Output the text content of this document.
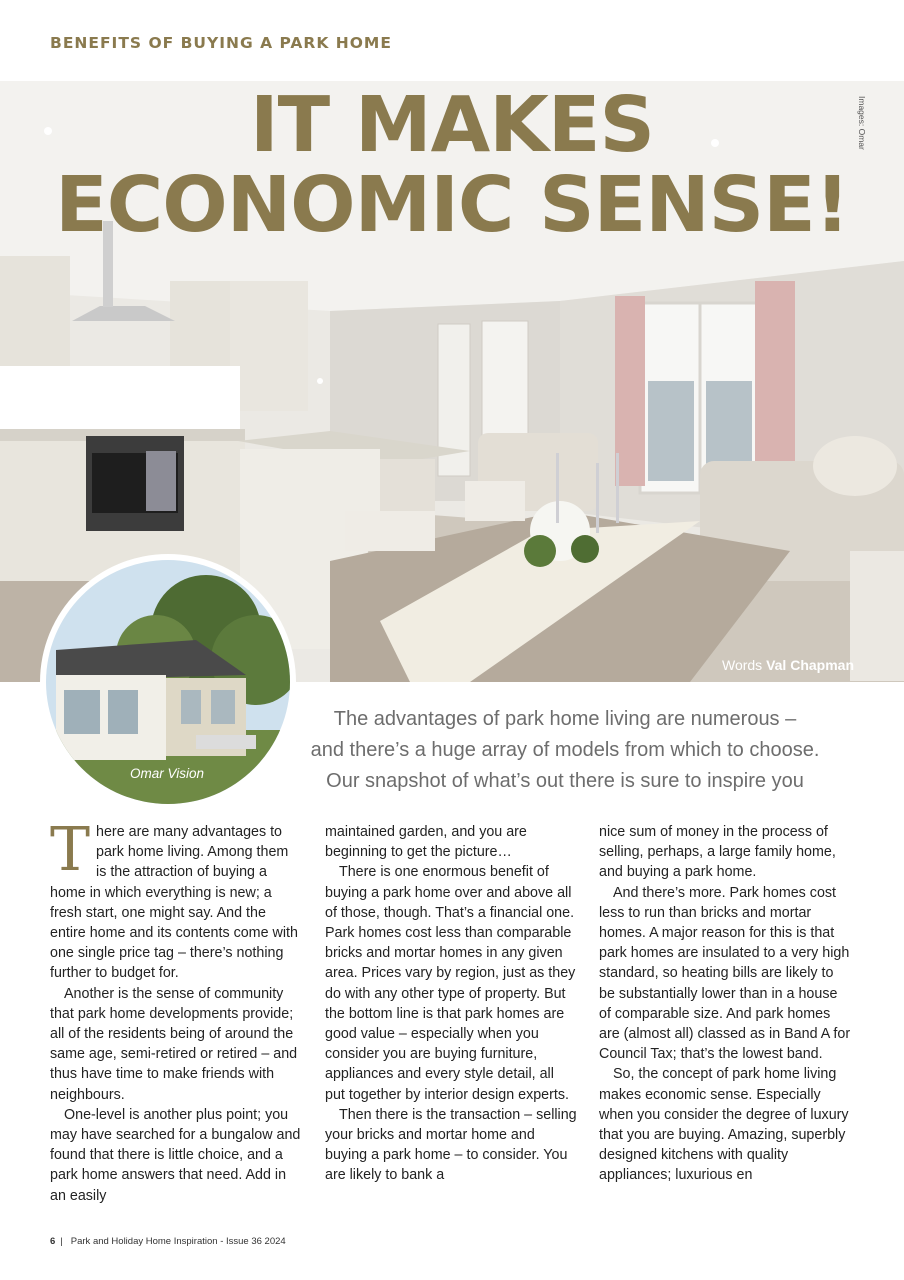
BENEFITS OF BUYING A PARK HOME
IT MAKES
ECONOMIC SENSE!
Images: Omar
Words Val Chapman
Omar Vision
The advantages of park home living are numerous –
and there’s a huge array of models from which to choose.
Our snapshot of what’s out there is sure to inspire you

There are many advantages to park home living. Among them is the attraction of buying a home in which everything is new; a fresh start, one might say. And the entire home and its contents come with one single price tag – there’s nothing further to budget for.

Another is the sense of community that park home developments provide; all of the residents being of around the same age, semi-retired or retired – and thus have time to make friends with neighbours.

One-level is another plus point; you may have searched for a bungalow and found that there is little choice, and a park home answers that need. Add in an easily

maintained garden, and you are beginning to get the picture…

There is one enormous benefit of buying a park home over and above all of those, though. That’s a financial one. Park homes cost less than comparable bricks and mortar homes in any given area. Prices vary by region, just as they do with any other type of property. But the bottom line is that park homes are good value – especially when you consider you are buying furniture, appliances and every style detail, all put together by interior design experts.

Then there is the transaction – selling your bricks and mortar home and buying a park home – to consider. You are likely to bank a

nice sum of money in the process of selling, perhaps, a large family home, and buying a park home.

And there’s more. Park homes cost less to run than bricks and mortar homes. A major reason for this is that park homes are insulated to a very high standard, so heating bills are likely to be substantially lower than in a house of comparable size. And park homes are (almost all) classed as in Band A for Council Tax; that’s the lowest band.

So, the concept of park home living makes economic sense. Especially when you consider the degree of luxury that you are buying. Amazing, superbly designed kitchens with quality appliances; luxurious en

6 | Park and Holiday Home Inspiration - Issue 36 2024
